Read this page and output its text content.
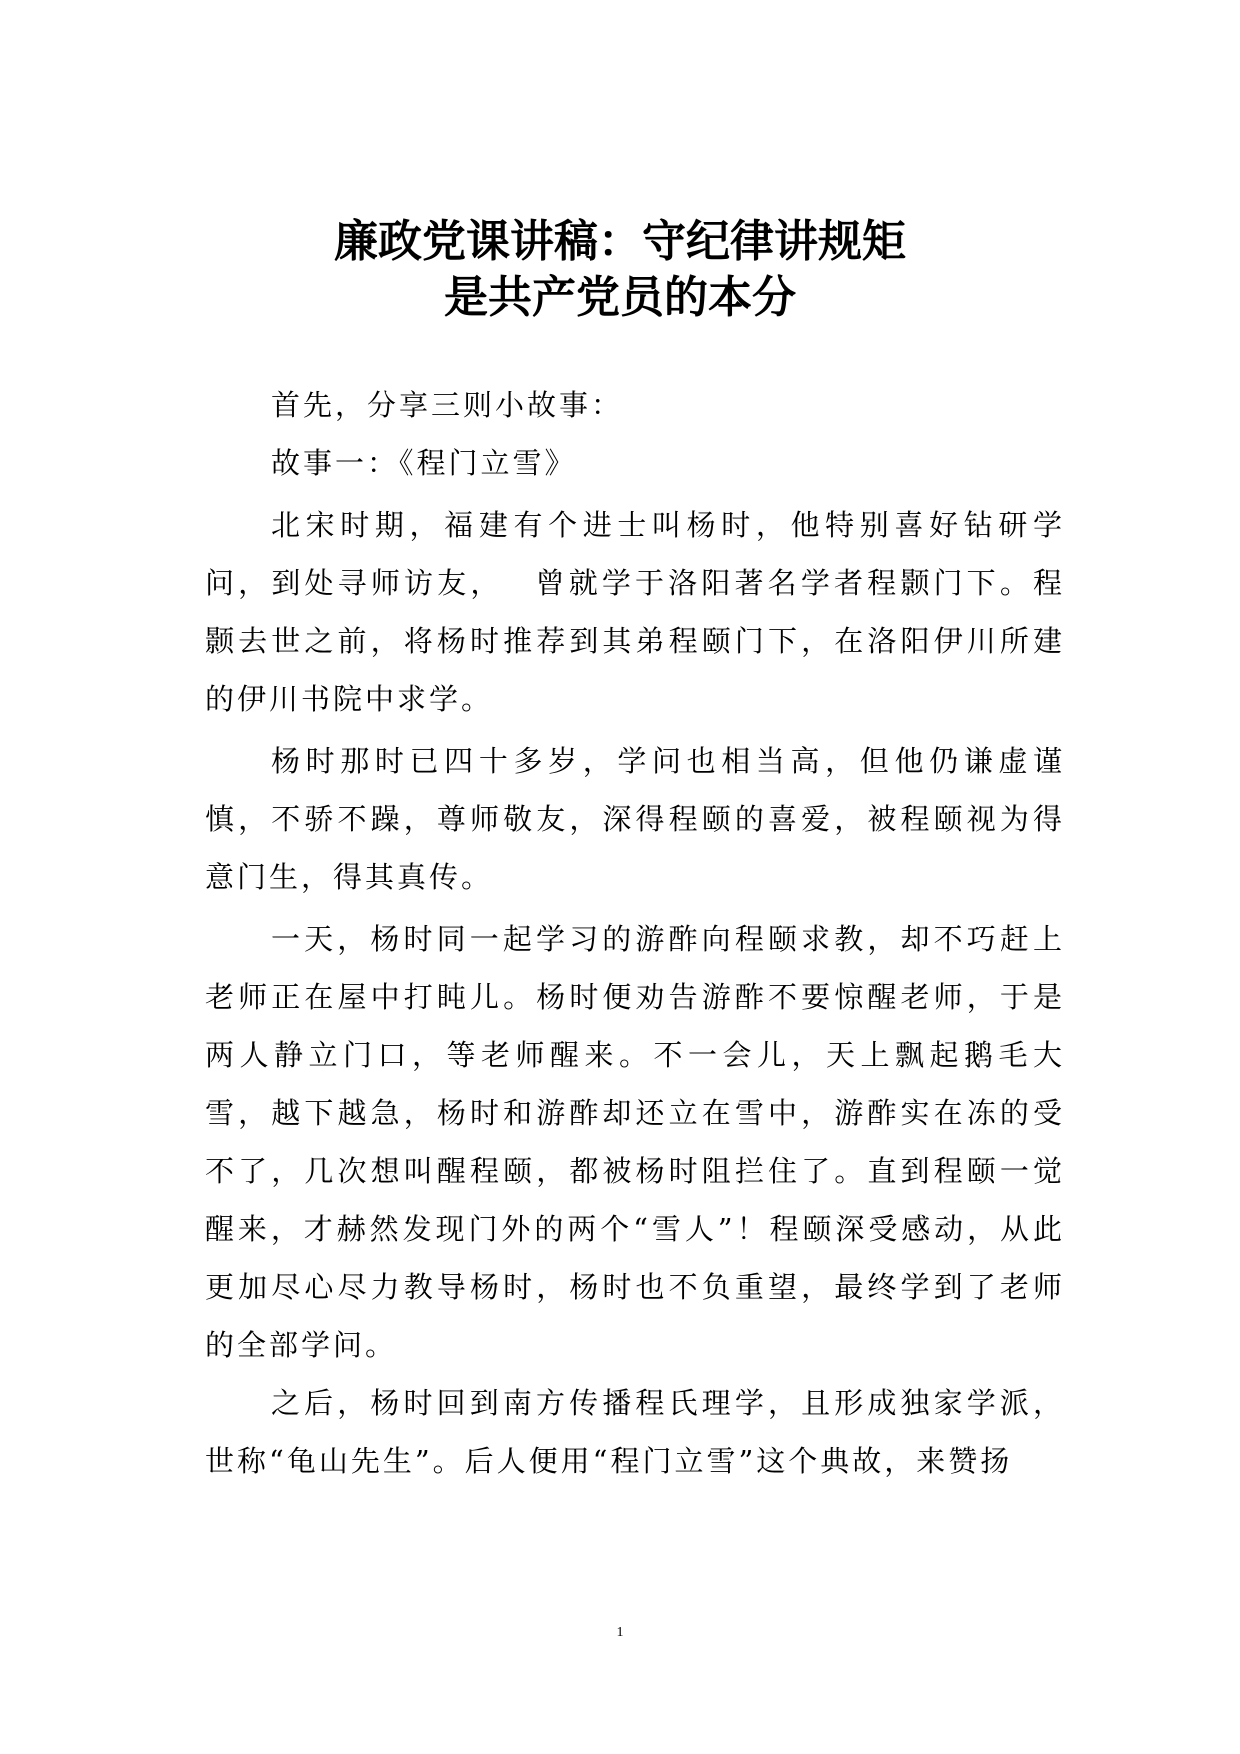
廉政党课讲稿：守纪律讲规矩
是共产党员的本分

首先，分享三则小故事：

故事一：《程门立雪》

北宋时期，福建有个进士叫杨时，他特别喜好钻研学问，到处寻师访友，　 曾就学于洛阳著名学者程颢门下。程颢去世之前，将杨时推荐到其弟程颐门下，在洛阳伊川所建的伊川书院中求学。

杨时那时已四十多岁，学问也相当高，但他仍谦虚谨慎，不骄不躁，尊师敬友，深得程颐的喜爱，被程颐视为得意门生，得其真传。

一天，杨时同一起学习的游酢向程颐求教，却不巧赶上老师正在屋中打盹儿。杨时便劝告游酢不要惊醒老师，于是两人静立门口，等老师醒来。不一会儿，天上飘起鹅毛大雪，越下越急，杨时和游酢却还立在雪中，游酢实在冻的受不了，几次想叫醒程颐，都被杨时阻拦住了。直到程颐一觉醒来，才赫然发现门外的两个“雪人”！程颐深受感动，从此更加尽心尽力教导杨时，杨时也不负重望，最终学到了老师的全部学问。

之后，杨时回到南方传播程氏理学，且形成独家学派，世称“龟山先生”。后人便用“程门立雪”这个典故，来赞扬

1
